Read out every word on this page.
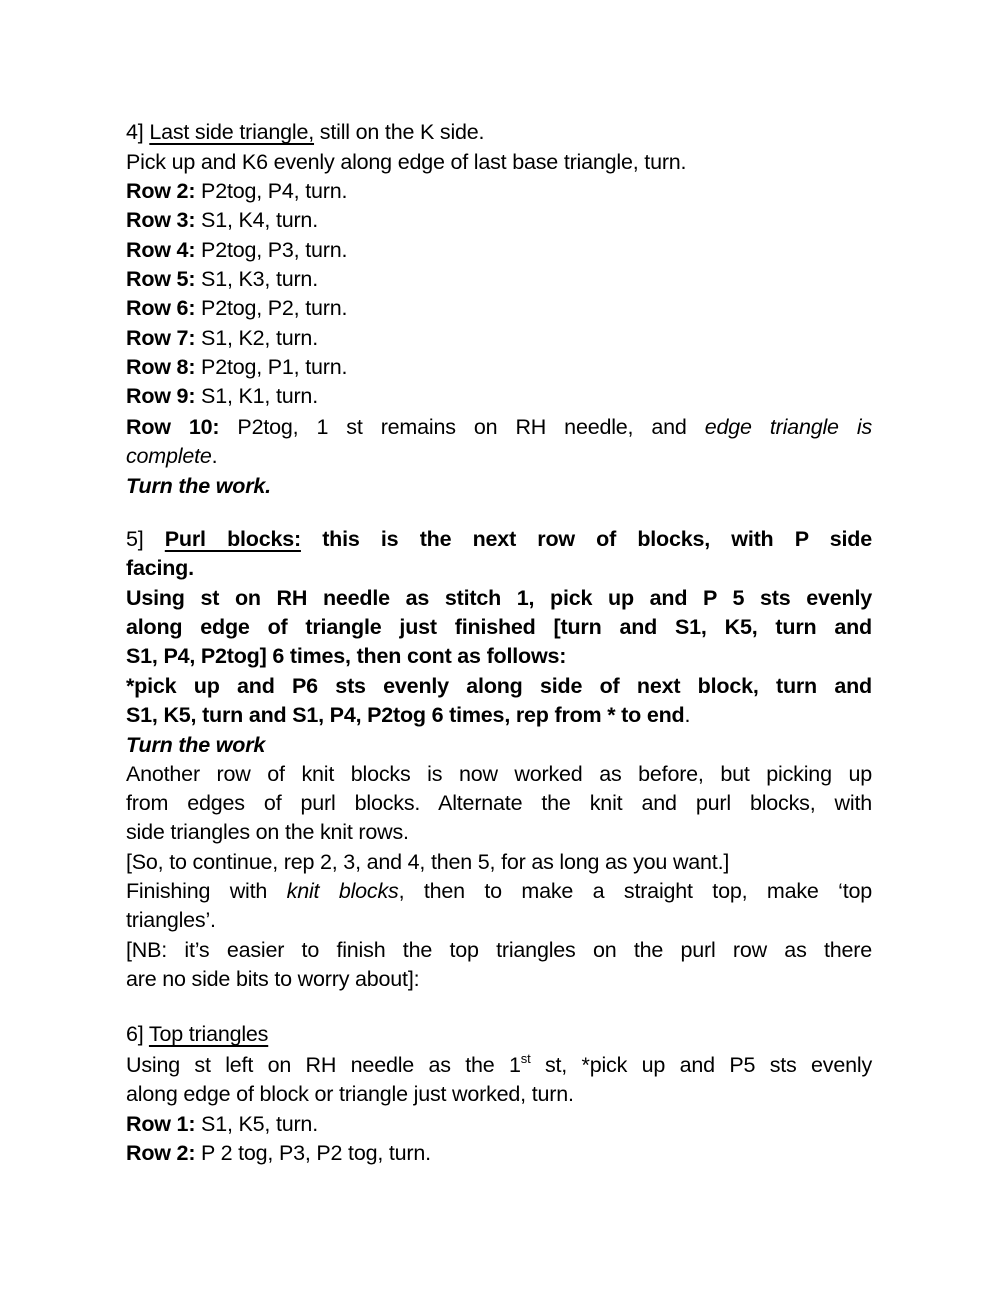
4] Last side triangle, still on the K side.
Pick up and K6 evenly along edge of last base triangle, turn.
Row 2: P2tog, P4, turn.
Row 3: S1, K4, turn.
Row 4: P2tog, P3, turn.
Row 5: S1, K3, turn.
Row 6: P2tog, P2, turn.
Row 7: S1, K2, turn.
Row 8: P2tog, P1, turn.
Row 9: S1, K1, turn.
Row 10: P2tog, 1 st remains on RH needle, and edge triangle is
complete.
Turn the work.
5] Purl blocks: this is the next row of blocks, with P side
facing.
Using st on RH needle as stitch 1, pick up and P 5 sts evenly
along edge of triangle just finished [turn and S1, K5, turn and
S1, P4, P2tog] 6 times, then cont as follows:
*pick up and P6 sts evenly along side of next block, turn and
S1, K5, turn and S1, P4, P2tog 6 times, rep from * to end.
Turn the work
Another row of knit blocks is now worked as before, but picking up
from edges of purl blocks. Alternate the knit and purl blocks, with
side triangles on the knit rows.
[So, to continue, rep 2, 3, and 4, then 5, for as long as you want.]
Finishing with knit blocks, then to make a straight top, make ‘top
triangles’.
[NB: it’s easier to finish the top triangles on the purl row as there
are no side bits to worry about]:
6] Top triangles
Using st left on RH needle as the 1st st, *pick up and P5 sts evenly
along edge of block or triangle just worked, turn.
Row 1: S1, K5, turn.
Row 2: P 2 tog, P3, P2 tog, turn.
